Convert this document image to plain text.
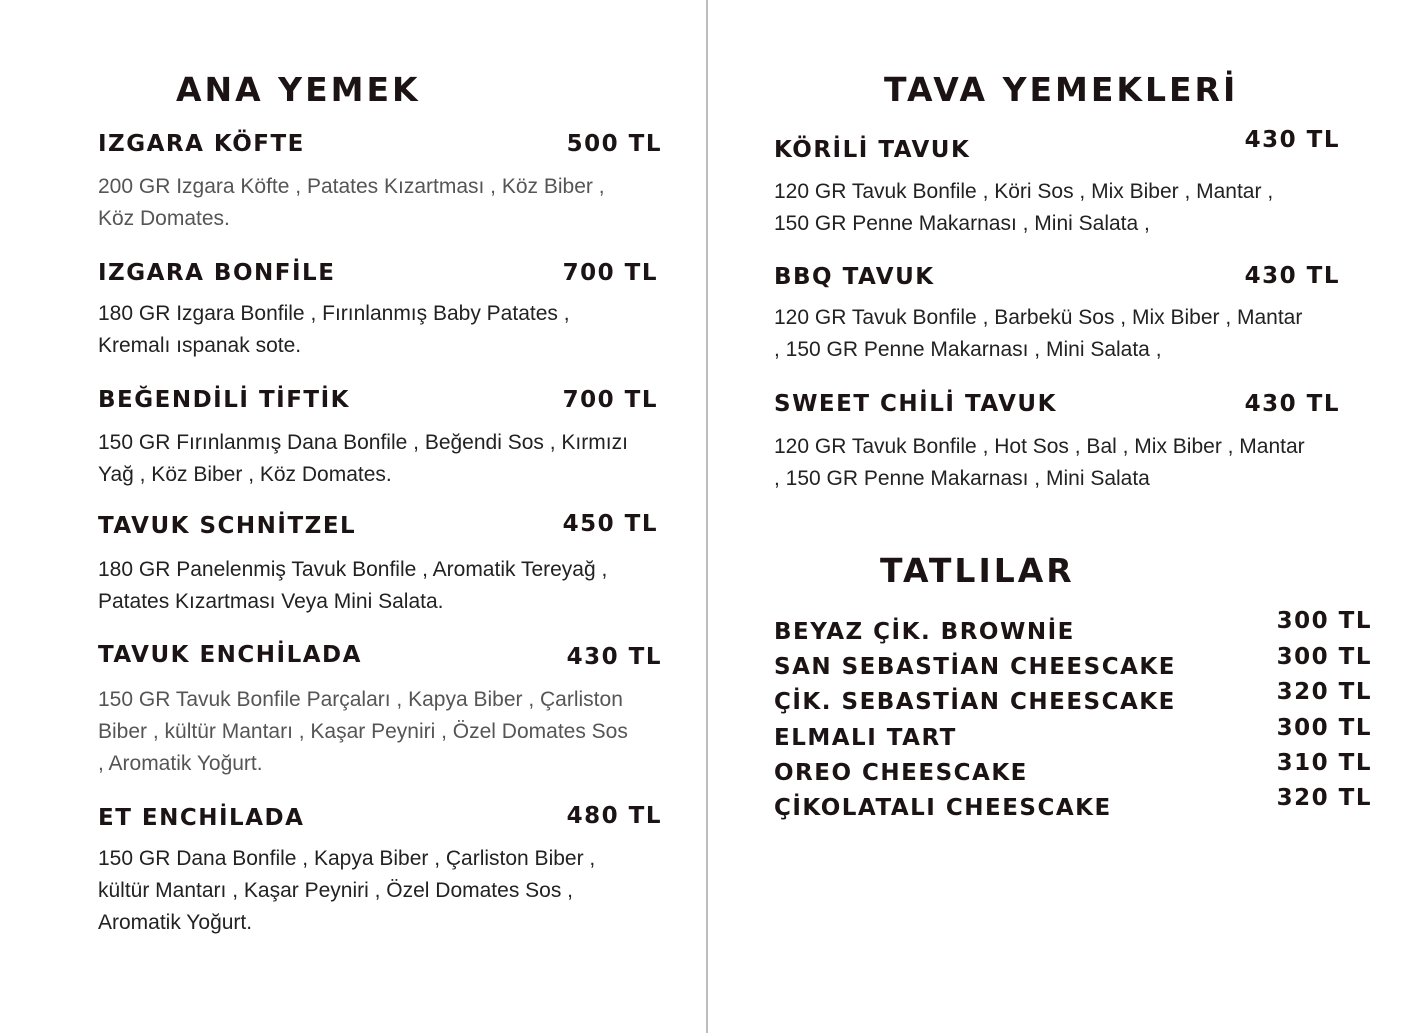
ANA YEMEK
IZGARA KÖFTE	500 TL

200 GR Izgara Köfte , Patates Kızartması , Köz Biber , Köz Domates.

IZGARA BONFİLE	700 TL

180 GR Izgara Bonfile , Fırınlanmış Baby Patates , Kremalı ıspanak sote.

BEĞENDİLİ TİFTİK	700 TL

150 GR Fırınlanmış Dana Bonfile , Beğendi Sos , Kırmızı Yağ , Köz Biber , Köz Domates.

TAVUK SCHNİTZEL	450 TL

180 GR Panelenmiş Tavuk Bonfile , Aromatik Tereyağ , Patates Kızartması Veya Mini Salata.

TAVUK ENCHİLADA	430 TL

150 GR Tavuk Bonfile Parçaları , Kapya Biber , Çarliston Biber , kültür Mantarı , Kaşar Peyniri , Özel Domates Sos , Aromatik Yoğurt.

ET ENCHİLADA	480 TL

150 GR Dana Bonfile , Kapya Biber , Çarliston Biber , kültür Mantarı , Kaşar Peyniri , Özel Domates Sos , Aromatik Yoğurt.

TAVA YEMEKLERİ
KÖRİLİ TAVUK	430 TL

120 GR Tavuk Bonfile , Köri Sos , Mix Biber , Mantar , 150 GR Penne Makarnası , Mini Salata ,

BBQ TAVUK	430 TL

120 GR Tavuk Bonfile , Barbekü Sos , Mix Biber , Mantar , 150 GR Penne Makarnası , Mini Salata ,

SWEET CHİLİ TAVUK	430 TL

120 GR Tavuk Bonfile , Hot Sos , Bal , Mix Biber , Mantar , 150 GR Penne Makarnası , Mini Salata

TATLILAR
BEYAZ ÇİK. BROWNİE	300 TL
SAN SEBASTİAN CHEESCAKE	300 TL
ÇİK. SEBASTİAN CHEESCAKE	320 TL
ELMALI TART	300 TL
OREO CHEESCAKE	310 TL
ÇİKOLATALI CHEESCAKE	320 TL
